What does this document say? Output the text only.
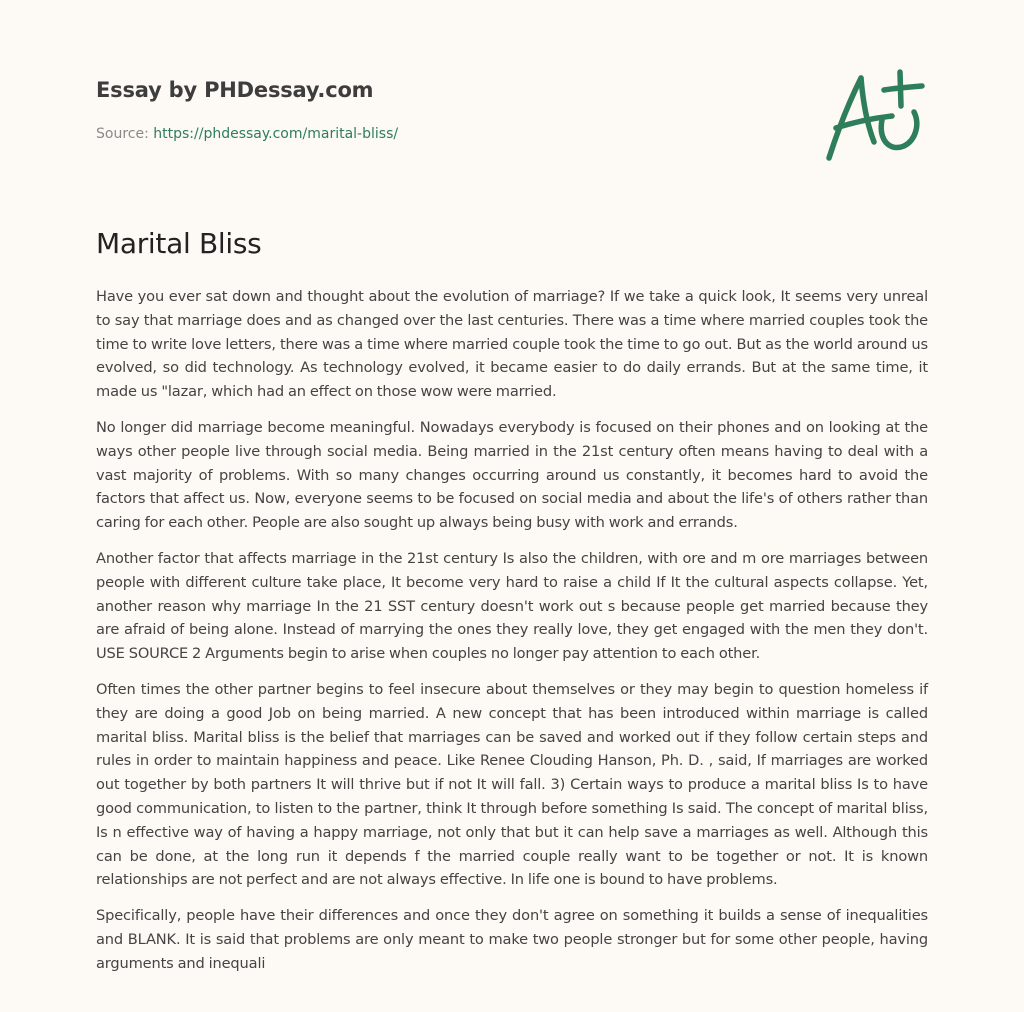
Essay by PHDessay.com
Source: https://phdessay.com/marital-bliss/
Marital Bliss

Have you ever sat down and thought about the evolution of marriage? If we take a quick look, It seems very unreal to say that marriage does and as changed over the last centuries. There was a time where married couples took the time to write love letters, there was a time where married couple took the time to go out. But as the world around us evolved, so did technology. As technology evolved, it became easier to do daily errands. But at the same time, it made us "lazar, which had an effect on those wow were married.

No longer did marriage become meaningful. Nowadays everybody is focused on their phones and on looking at the ways other people live through social media. Being married in the 21st century often means having to deal with a vast majority of problems. With so many changes occurring around us constantly, it becomes hard to avoid the factors that affect us. Now, everyone seems to be focused on social media and about the life's of others rather than caring for each other. People are also sought up always being busy with work and errands.

Another factor that affects marriage in the 21st century Is also the children, with ore and m ore marriages between people with different culture take place, It become very hard to raise a child If It the cultural aspects collapse. Yet, another reason why marriage In the 21 SST century doesn't work out s because people get married because they are afraid of being alone. Instead of marrying the ones they really love, they get engaged with the men they don't. USE SOURCE 2 Arguments begin to arise when couples no longer pay attention to each other.

Often times the other partner begins to feel insecure about themselves or they may begin to question homeless if they are doing a good Job on being married. A new concept that has been introduced within marriage is called marital bliss. Marital bliss is the belief that marriages can be saved and worked out if they follow certain steps and rules in order to maintain happiness and peace. Like Renee Clouding Hanson, Ph. D. , said, If marriages are worked out together by both partners It will thrive but if not It will fall. 3) Certain ways to produce a marital bliss Is to have good communication, to listen to the partner, think It through before something Is said. The concept of marital bliss, Is n effective way of having a happy marriage, not only that but it can help save a marriages as well. Although this can be done, at the long run it depends f the married couple really want to be together or not. It is known relationships are not perfect and are not always effective. In life one is bound to have problems.

Specifically, people have their differences and once they don't agree on something it builds a sense of inequalities and BLANK. It is said that problems are only meant to make two people stronger but for some other people, having arguments and inequali
